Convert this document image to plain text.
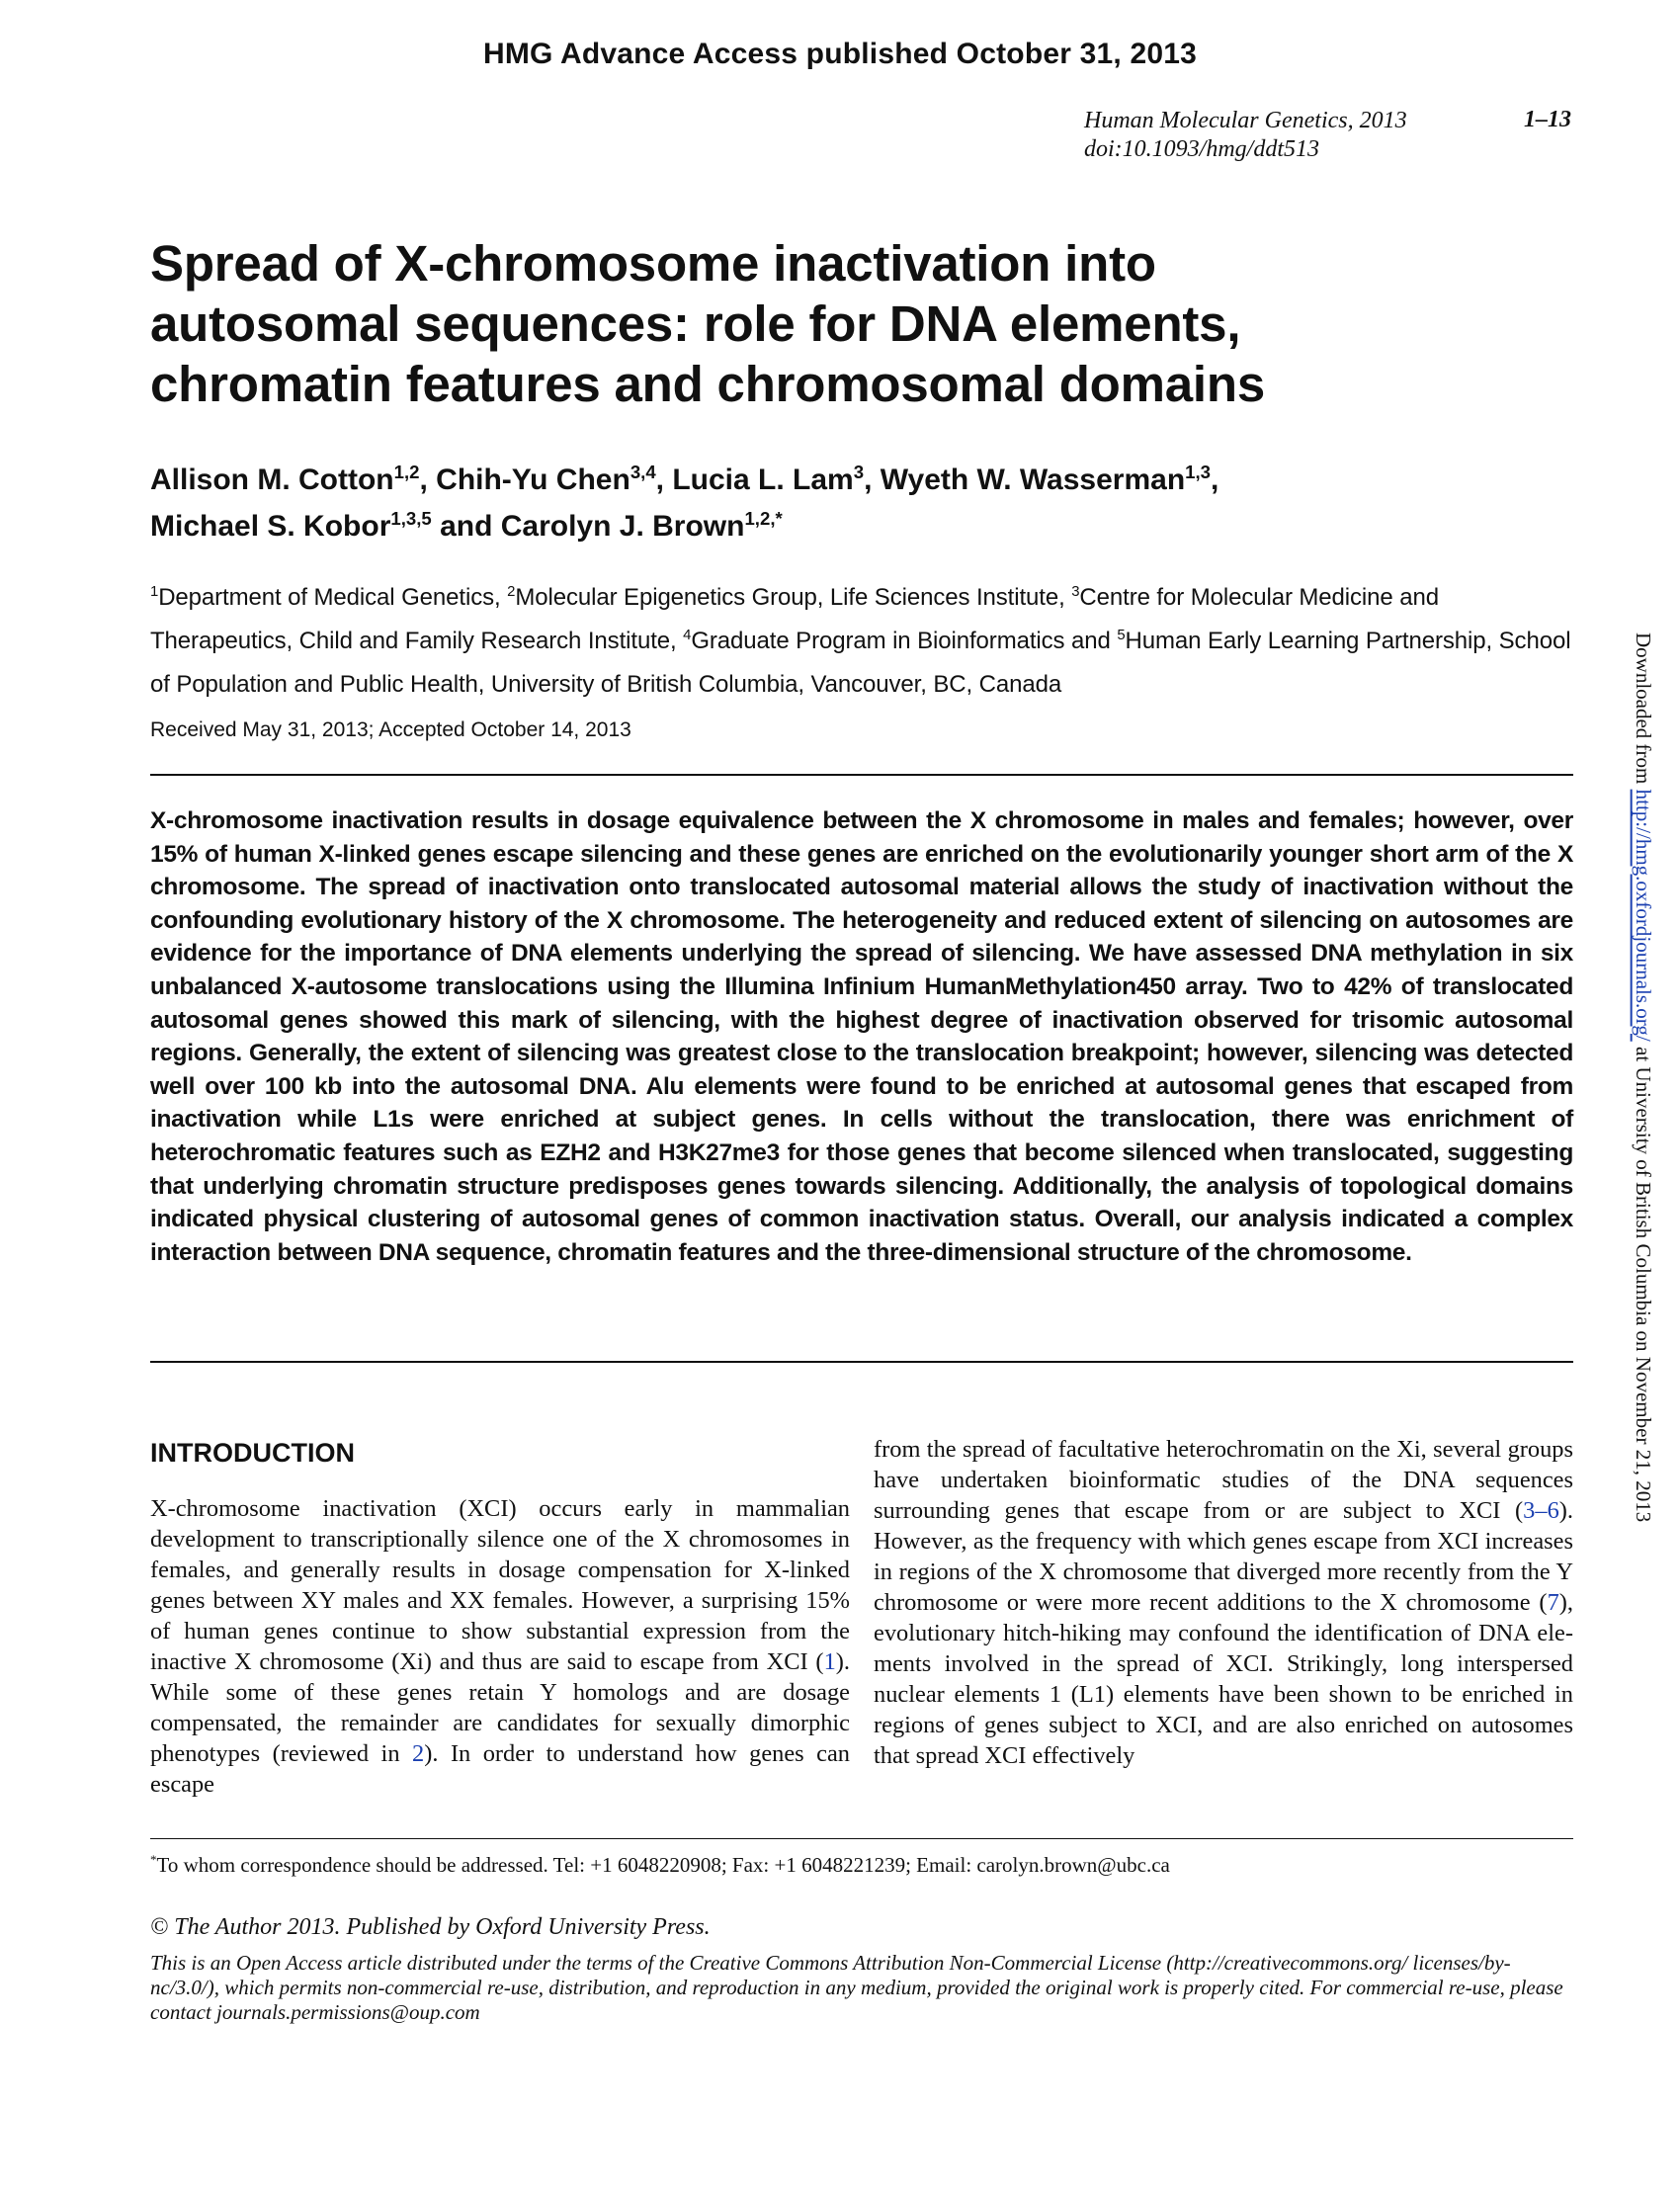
HMG Advance Access published October 31, 2013
Human Molecular Genetics, 2013
doi:10.1093/hmg/ddt513
1–13
Spread of X-chromosome inactivation into
autosomal sequences: role for DNA elements,
chromatin features and chromosomal domains
Allison M. Cotton$^{1,2}$, Chih-Yu Chen$^{3,4}$, Lucia L. Lam$^3$, Wyeth W. Wasserman$^{1,3}$,
Michael S. Kobor$^{1,3,5}$ and Carolyn J. Brown$^{1,2,*}$
$^1$Department of Medical Genetics, $^2$Molecular Epigenetics Group, Life Sciences Institute, $^3$Centre for Molecular Medicine and Therapeutics, Child and Family Research Institute, $^4$Graduate Program in Bioinformatics and $^5$Human Early Learning Partnership, School of Population and Public Health, University of British Columbia, Vancouver, BC, Canada
Received May 31, 2013; Accepted October 14, 2013
X-chromosome inactivation results in dosage equivalence between the X chromosome in males and females; however, over 15% of human X-linked genes escape silencing and these genes are enriched on the evolutionarily younger short arm of the X chromosome. The spread of inactivation onto translocated autosomal material allows the study of inactivation without the confounding evolutionary history of the X chromosome. The heterogeneity and reduced extent of silencing on autosomes are evidence for the importance of DNA elements underlying the spread of silencing. We have assessed DNA methylation in six unbalanced X-autosome translocations using the Illumina Infinium HumanMethylation450 array. Two to 42% of translocated autosomal genes showed this mark of silencing, with the highest degree of inactivation observed for trisomic autosomal regions. Generally, the extent of silencing was greatest close to the translocation breakpoint; however, silencing was detected well over 100 kb into the autosomal DNA. Alu elements were found to be enriched at autosomal genes that escaped from inactivation while L1s were enriched at subject genes. In cells without the translocation, there was enrichment of heterochromatic features such as EZH2 and H3K27me3 for those genes that become silenced when translocated, suggesting that underlying chromatin structure predisposes genes towards silencing. Additionally, the analysis of topological domains indicated physical clustering of autosomal genes of common inactivation status. Overall, our analysis indicated a complex interaction between DNA sequence, chromatin features and the three-dimensional structure of the chromosome.
INTRODUCTION
X-chromosome inactivation (XCI) occurs early in mammalian development to transcriptionally silence one of the X chromosomes in females, and generally results in dosage compensation for X-linked genes between XY males and XX females. However, a surprising 15% of human genes continue to show substantial expression from the inactive X chromosome (Xi) and thus are said to escape from XCI (1). While some of these genes retain Y homologs and are dosage compensated, the remainder are candidates for sexually dimorphic phenotypes (reviewed in 2). In order to understand how genes can escape
from the spread of facultative heterochromatin on the Xi, several groups have undertaken bioinformatic studies of the DNA sequences surrounding genes that escape from or are subject to XCI (3–6). However, as the frequency with which genes escape from XCI increases in regions of the X chromosome that diverged more recently from the Y chromosome or were more recent additions to the X chromosome (7), evolutionary hitch-hiking may confound the identification of DNA elements involved in the spread of XCI. Strikingly, long interspersed nuclear elements 1 (L1) elements have been shown to be enriched in regions of genes subject to XCI, and are also enriched on autosomes that spread XCI effectively
*To whom correspondence should be addressed. Tel: +1 6048220908; Fax: +1 6048221239; Email: carolyn.brown@ubc.ca
© The Author 2013. Published by Oxford University Press.
This is an Open Access article distributed under the terms of the Creative Commons Attribution Non-Commercial License (http://creativecommons.org/ licenses/by-nc/3.0/), which permits non-commercial re-use, distribution, and reproduction in any medium, provided the original work is properly cited. For commercial re-use, please contact journals.permissions@oup.com
Downloaded from http://hmg.oxfordjournals.org/ at University of British Columbia on November 21, 2013
